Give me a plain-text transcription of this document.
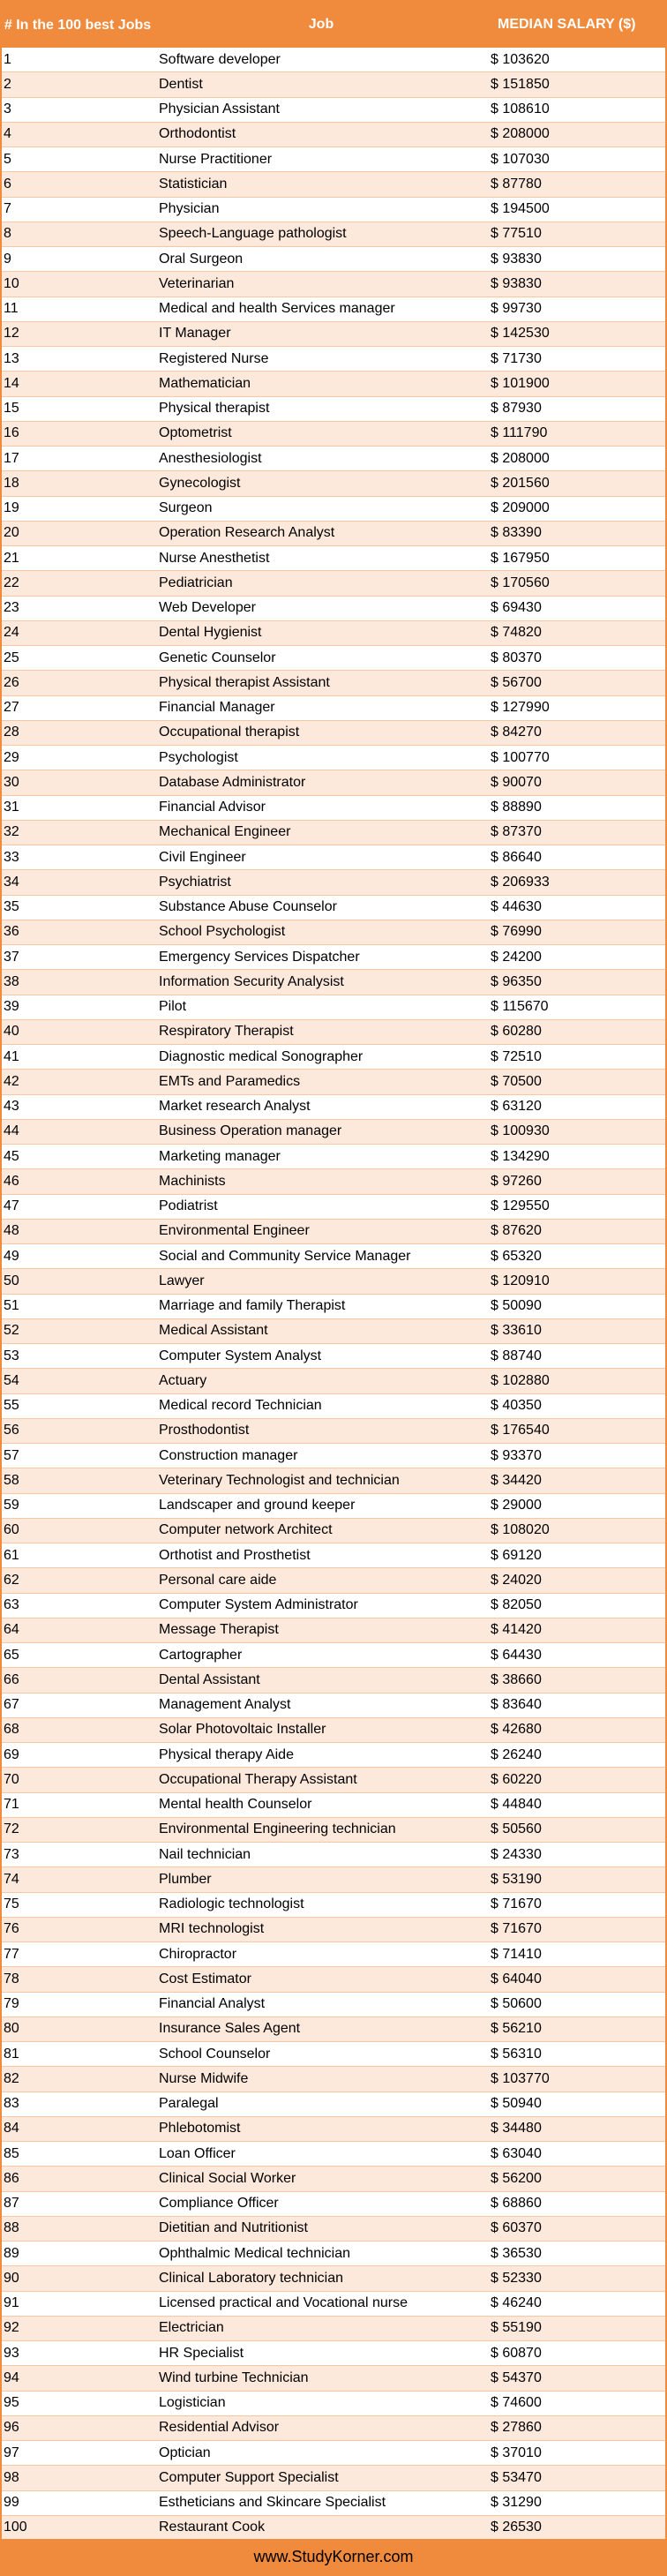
# In the 100 best Jobs	Job	MEDIAN SALARY ($)
1	Software developer	$ 103620
2	Dentist	$ 151850
3	Physician Assistant	$ 108610
4	Orthodontist	$ 208000
5	Nurse Practitioner	$ 107030
6	Statistician	$ 87780
7	Physician	$ 194500
8	Speech-Language pathologist	$ 77510
9	Oral Surgeon	$ 93830
10	Veterinarian	$ 93830
11	Medical and health Services manager	$ 99730
12	IT Manager	$ 142530
13	Registered Nurse	$ 71730
14	Mathematician	$ 101900
15	Physical therapist	$ 87930
16	Optometrist	$ 111790
17	Anesthesiologist	$ 208000
18	Gynecologist	$ 201560
19	Surgeon	$ 209000
20	Operation Research Analyst	$ 83390
21	Nurse Anesthetist	$ 167950
22	Pediatrician	$ 170560
23	Web Developer	$ 69430
24	Dental Hygienist	$ 74820
25	Genetic Counselor	$ 80370
26	Physical therapist Assistant	$ 56700
27	Financial Manager	$ 127990
28	Occupational therapist	$ 84270
29	Psychologist	$ 100770
30	Database Administrator	$ 90070
31	Financial Advisor	$ 88890
32	Mechanical Engineer	$ 87370
33	Civil Engineer	$ 86640
34	Psychiatrist	$ 206933
35	Substance Abuse Counselor	$ 44630
36	School Psychologist	$ 76990
37	Emergency Services Dispatcher	$ 24200
38	Information Security Analysist	$ 96350
39	Pilot	$ 115670
40	Respiratory Therapist	$ 60280
41	Diagnostic medical Sonographer	$ 72510
42	EMTs and Paramedics	$ 70500
43	Market research Analyst	$ 63120
44	Business Operation manager	$ 100930
45	Marketing manager	$ 134290
46	Machinists	$ 97260
47	Podiatrist	$ 129550
48	Environmental Engineer	$ 87620
49	Social and Community Service Manager	$ 65320
50	Lawyer	$ 120910
51	Marriage and family Therapist	$ 50090
52	Medical Assistant	$ 33610
53	Computer System Analyst	$ 88740
54	Actuary	$ 102880
55	Medical record Technician	$ 40350
56	Prosthodontist	$ 176540
57	Construction manager	$ 93370
58	Veterinary Technologist and technician	$ 34420
59	Landscaper and ground keeper	$ 29000
60	Computer network Architect	$ 108020
61	Orthotist and Prosthetist	$ 69120
62	Personal care aide	$ 24020
63	Computer System Administrator	$ 82050
64	Message Therapist	$ 41420
65	Cartographer	$ 64430
66	Dental Assistant	$ 38660
67	Management Analyst	$ 83640
68	Solar Photovoltaic Installer	$ 42680
69	Physical therapy Aide	$ 26240
70	Occupational Therapy Assistant	$ 60220
71	Mental health Counselor	$ 44840
72	Environmental Engineering technician	$ 50560
73	Nail technician	$ 24330
74	Plumber	$ 53190
75	Radiologic technologist	$ 71670
76	MRI technologist	$ 71670
77	Chiropractor	$ 71410
78	Cost Estimator	$ 64040
79	Financial Analyst	$ 50600
80	Insurance Sales Agent	$ 56210
81	School Counselor	$ 56310
82	Nurse Midwife	$ 103770
83	Paralegal	$ 50940
84	Phlebotomist	$ 34480
85	Loan Officer	$ 63040
86	Clinical Social Worker	$ 56200
87	Compliance Officer	$ 68860
88	Dietitian and Nutritionist	$ 60370
89	Ophthalmic Medical technician	$ 36530
90	Clinical Laboratory technician	$ 52330
91	Licensed practical and Vocational nurse	$ 46240
92	Electrician	$ 55190
93	HR Specialist	$ 60870
94	Wind turbine Technician	$ 54370
95	Logistician	$ 74600
96	Residential Advisor	$ 27860
97	Optician	$ 37010
98	Computer Support Specialist	$ 53470
99	Estheticians and Skincare Specialist	$ 31290
100	Restaurant Cook	$ 26530
www.StudyKorner.com
